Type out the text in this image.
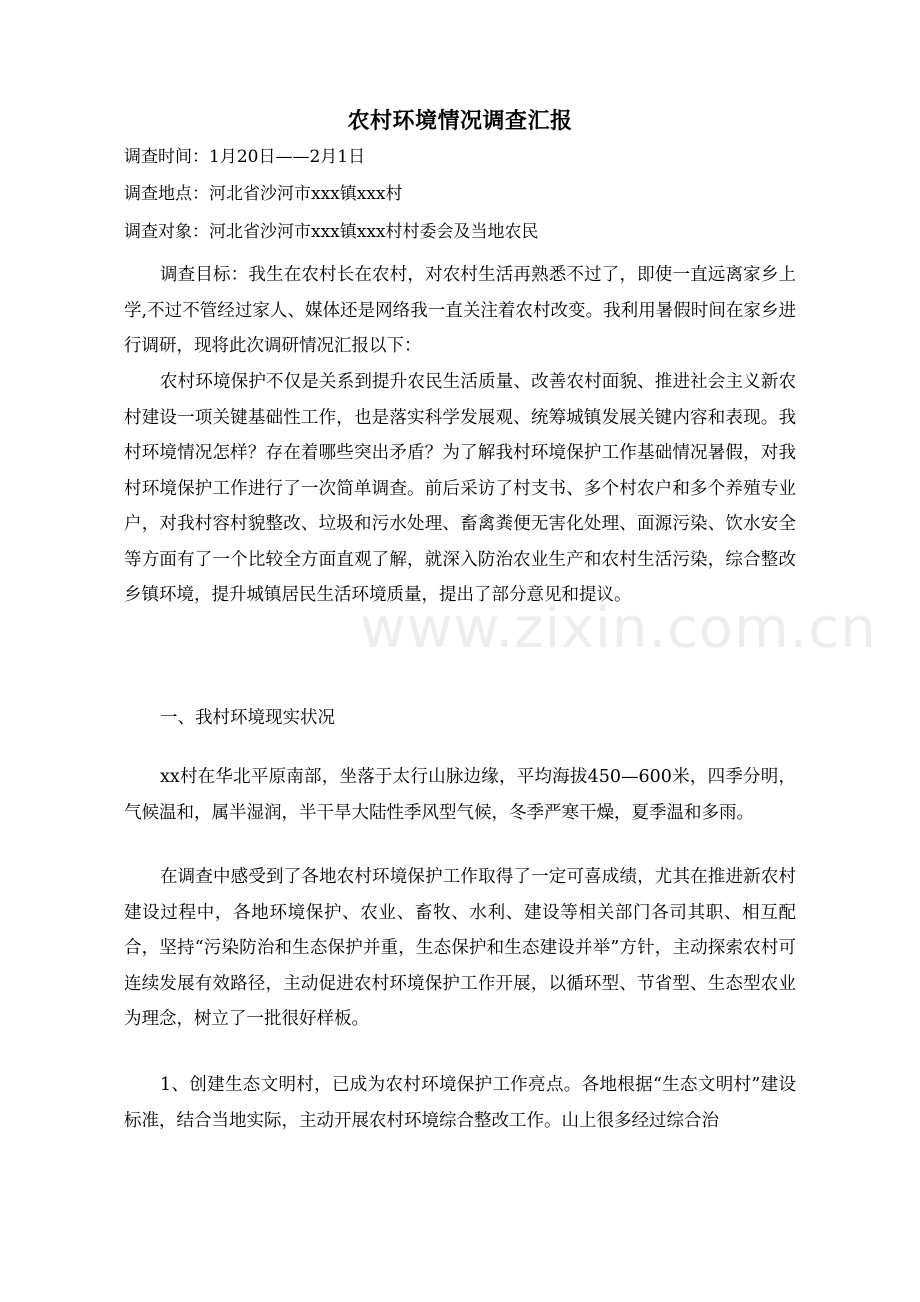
www.zixin.com.cn
农村环境情况调查汇报
调查时间：1月20日——2月1日
调查地点：河北省沙河市xxx镇xxx村
调查对象：河北省沙河市xxx镇xxx村村委会及当地农民

调查目标：我生在农村长在农村，对农村生活再熟悉不过了，即使一直远离家乡上学,不过不管经过家人、媒体还是网络我一直关注着农村改变。我利用暑假时间在家乡进行调研，现将此次调研情况汇报以下：

农村环境保护不仅是关系到提升农民生活质量、改善农村面貌、推进社会主义新农村建设一项关键基础性工作，也是落实科学发展观、统筹城镇发展关键内容和表现。我村环境情况怎样？存在着哪些突出矛盾？为了解我村环境保护工作基础情况暑假，对我村环境保护工作进行了一次简单调查。前后采访了村支书、多个村农户和多个养殖专业户，对我村容村貌整改、垃圾和污水处理、畜禽粪便无害化处理、面源污染、饮水安全等方面有了一个比较全方面直观了解，就深入防治农业生产和农村生活污染，综合整改乡镇环境，提升城镇居民生活环境质量，提出了部分意见和提议。

一、我村环境现实状况

xx村在华北平原南部，坐落于太行山脉边缘，平均海拔450—600米，四季分明，气候温和，属半湿润，半干旱大陆性季风型气候，冬季严寒干燥，夏季温和多雨。

在调查中感受到了各地农村环境保护工作取得了一定可喜成绩，尤其在推进新农村建设过程中，各地环境保护、农业、畜牧、水利、建设等相关部门各司其职、相互配合，坚持“污染防治和生态保护并重，生态保护和生态建设并举”方针，主动探索农村可连续发展有效路径，主动促进农村环境保护工作开展，以循环型、节省型、生态型农业为理念，树立了一批很好样板。

1、创建生态文明村，已成为农村环境保护工作亮点。各地根据“生态文明村”建设标准，结合当地实际，主动开展农村环境综合整改工作。山上很多经过综合治
